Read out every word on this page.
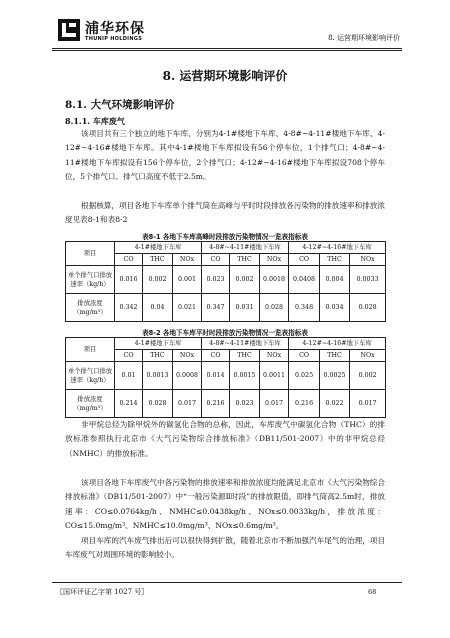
浦华环保
THUNIP HOLDINGS	8. 运营期环境影响评价
8. 运营期环境影响评价
8.1. 大气环境影响评价
8.1.1. 车库废气
该项目共有三个独立的地下车库，分别为4-1#楼地下车库、4-8#~4-11#楼地下车库、4-12#~4-16#楼地下车库。其中4-1#楼地下车库拟设有56个停车位，1个排气口；4-8#~4-11#楼地下车库拟设有156个停车位，2个排气口；4-12#~4-16#楼地下车库拟设708个停车位，5个排气口。排气口高度不低于2.5m。
根据核算，项目各地下车库单个排气筒在高峰与平时时段排放各污染物的排放速率和排放浓度见表8-1和表8-2
表8-1 各地下车库高峰时段排放污染物情况一览表指标表
项目	4-1#楼地下车库			4-8#~4-11#楼地下车库			4-12#~4-16#地下车库		
	CO	THC	NOx	CO	THC	NOx	CO	THC	NOx
单个排气口排放速率（kg/h）	0.016	0.002	0.001	0.023	0.002	0.0018	0.0408	0.004	0.0033
排放浓度（mg/m³）	0.342	0.04	0.021	0.347	0.031	0.028	0.348	0.034	0.028
表8-2 各地下车库平时时段排放污染物情况一览表指标表
项目	4-1#楼地下车库			4-8#~4-11#楼地下车库			4-12#~4-16#地下车库		
	CO	THC	NOx	CO	THC	NOx	CO	THC	NOx
单个排气口排放速率（kg/h）	0.01	0.0013	0.0008	0.014	0.0015	0.0011	0.025	0.0025	0.002
排放浓度（mg/m³）	0.214	0.028	0.017	0.216	0.023	0.017	0.216	0.022	0.017
非甲烷总烃为除甲烷外的碳氢化合物的总称，因此，车库废气中碳氢化合物（THC）的排放标准参照执行北京市《大气污染物综合排放标准》（DB11/501-2007）中的非甲烷总烃（NMHC）的排放标准。
该项目各地下车库废气中各污染物的排放速率和排放浓度均能满足北京市《大气污染物综合排放标准》（DB11/501-2007）中“一般污染源Ⅱ时段”的排放限值，即排气筒高2.5m时，排放速率：CO≤0.0764kg/h、NMHC≤0.0438kg/h、NOx≤0.0033kg/h，排放浓度：CO≤15.0mg/m³、NMHC≤10.0mg/m³、NOx≤0.6mg/m³。
项目车库的汽车废气排出后可以很快得到扩散，随着北京市不断加强汽车尾气的治理，项目车库废气对周围环境的影响较小。
〖国环评证乙字第 1027 号〗	68
